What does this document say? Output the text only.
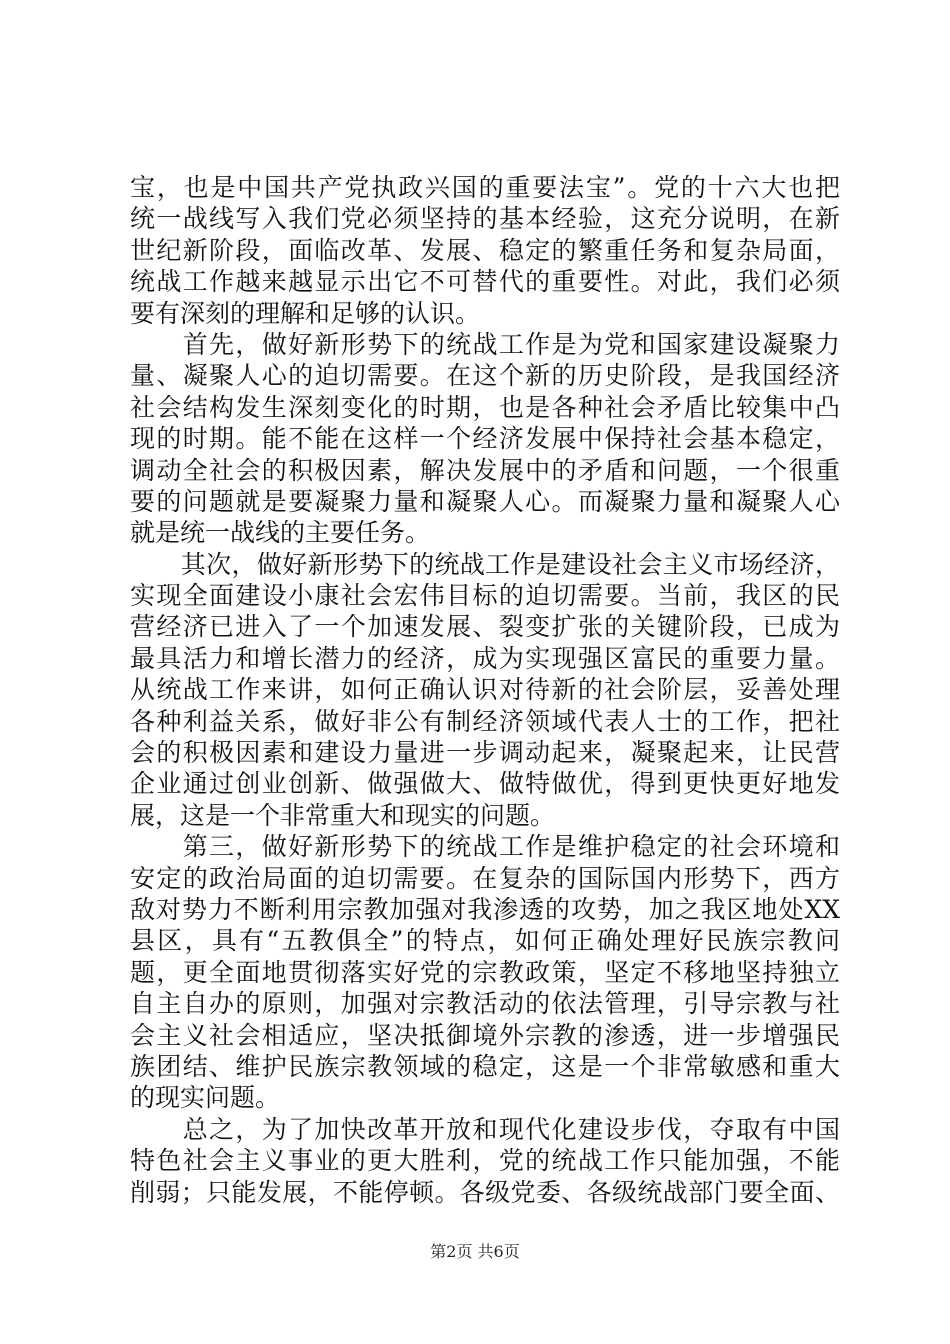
宝，也是中国共产党执政兴国的重要法宝”。党的十六大也把
统一战线写入我们党必须坚持的基本经验，这充分说明，在新
世纪新阶段，面临改革、发展、稳定的繁重任务和复杂局面，
统战工作越来越显示出它不可替代的重要性。对此，我们必须
要有深刻的理解和足够的认识。
　　首先，做好新形势下的统战工作是为党和国家建设凝聚力
量、凝聚人心的迫切需要。在这个新的历史阶段，是我国经济
社会结构发生深刻变化的时期，也是各种社会矛盾比较集中凸
现的时期。能不能在这样一个经济发展中保持社会基本稳定，
调动全社会的积极因素，解决发展中的矛盾和问题，一个很重
要的问题就是要凝聚力量和凝聚人心。而凝聚力量和凝聚人心
就是统一战线的主要任务。
　　其次，做好新形势下的统战工作是建设社会主义市场经济，
实现全面建设小康社会宏伟目标的迫切需要。当前，我区的民
营经济已进入了一个加速发展、裂变扩张的关键阶段，已成为
最具活力和增长潜力的经济，成为实现强区富民的重要力量。
从统战工作来讲，如何正确认识对待新的社会阶层，妥善处理
各种利益关系，做好非公有制经济领域代表人士的工作，把社
会的积极因素和建设力量进一步调动起来，凝聚起来，让民营
企业通过创业创新、做强做大、做特做优，得到更快更好地发
展，这是一个非常重大和现实的问题。
　　第三，做好新形势下的统战工作是维护稳定的社会环境和
安定的政治局面的迫切需要。在复杂的国际国内形势下，西方
敌对势力不断利用宗教加强对我渗透的攻势，加之我区地处XX
县区，具有“五教俱全”的特点，如何正确处理好民族宗教问
题，更全面地贯彻落实好党的宗教政策，坚定不移地坚持独立
自主自办的原则，加强对宗教活动的依法管理，引导宗教与社
会主义社会相适应，坚决抵御境外宗教的渗透，进一步增强民
族团结、维护民族宗教领域的稳定，这是一个非常敏感和重大
的现实问题。
　　总之，为了加快改革开放和现代化建设步伐，夺取有中国
特色社会主义事业的更大胜利，党的统战工作只能加强，不能
削弱；只能发展，不能停顿。各级党委、各级统战部门要全面、
第2页 共6页
